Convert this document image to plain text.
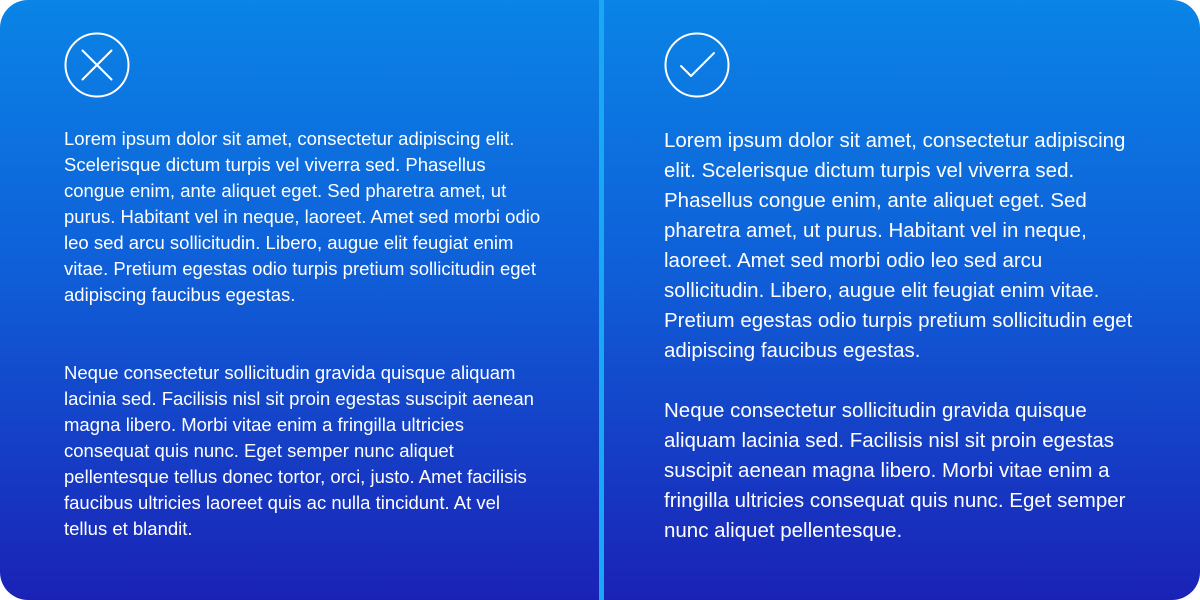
Lorem ipsum dolor sit amet, consectetur adipiscing elit. Scelerisque dictum turpis vel viverra sed. Phasellus congue enim, ante aliquet eget. Sed pharetra amet, ut purus. Habitant vel in neque, laoreet. Amet sed morbi odio leo sed arcu sollicitudin. Libero, augue elit feugiat enim vitae. Pretium egestas odio turpis pretium sollicitudin eget adipiscing faucibus egestas.

Neque consectetur sollicitudin gravida quisque aliquam lacinia sed. Facilisis nisl sit proin egestas suscipit aenean magna libero. Morbi vitae enim a fringilla ultricies consequat quis nunc. Eget semper nunc aliquet pellentesque tellus donec tortor, orci, justo. Amet facilisis faucibus ultricies laoreet quis ac nulla tincidunt. At vel tellus et blandit.

Lorem ipsum dolor sit amet, consectetur adipiscing elit. Scelerisque dictum turpis vel viverra sed. Phasellus congue enim, ante aliquet eget. Sed pharetra amet, ut purus. Habitant vel in neque, laoreet. Amet sed morbi odio leo sed arcu sollicitudin. Libero, augue elit feugiat enim vitae. Pretium egestas odio turpis pretium sollicitudin eget adipiscing faucibus egestas.

Neque consectetur sollicitudin gravida quisque aliquam lacinia sed. Facilisis nisl sit proin egestas suscipit aenean magna libero. Morbi vitae enim a fringilla ultricies consequat quis nunc. Eget semper nunc aliquet pellentesque.
